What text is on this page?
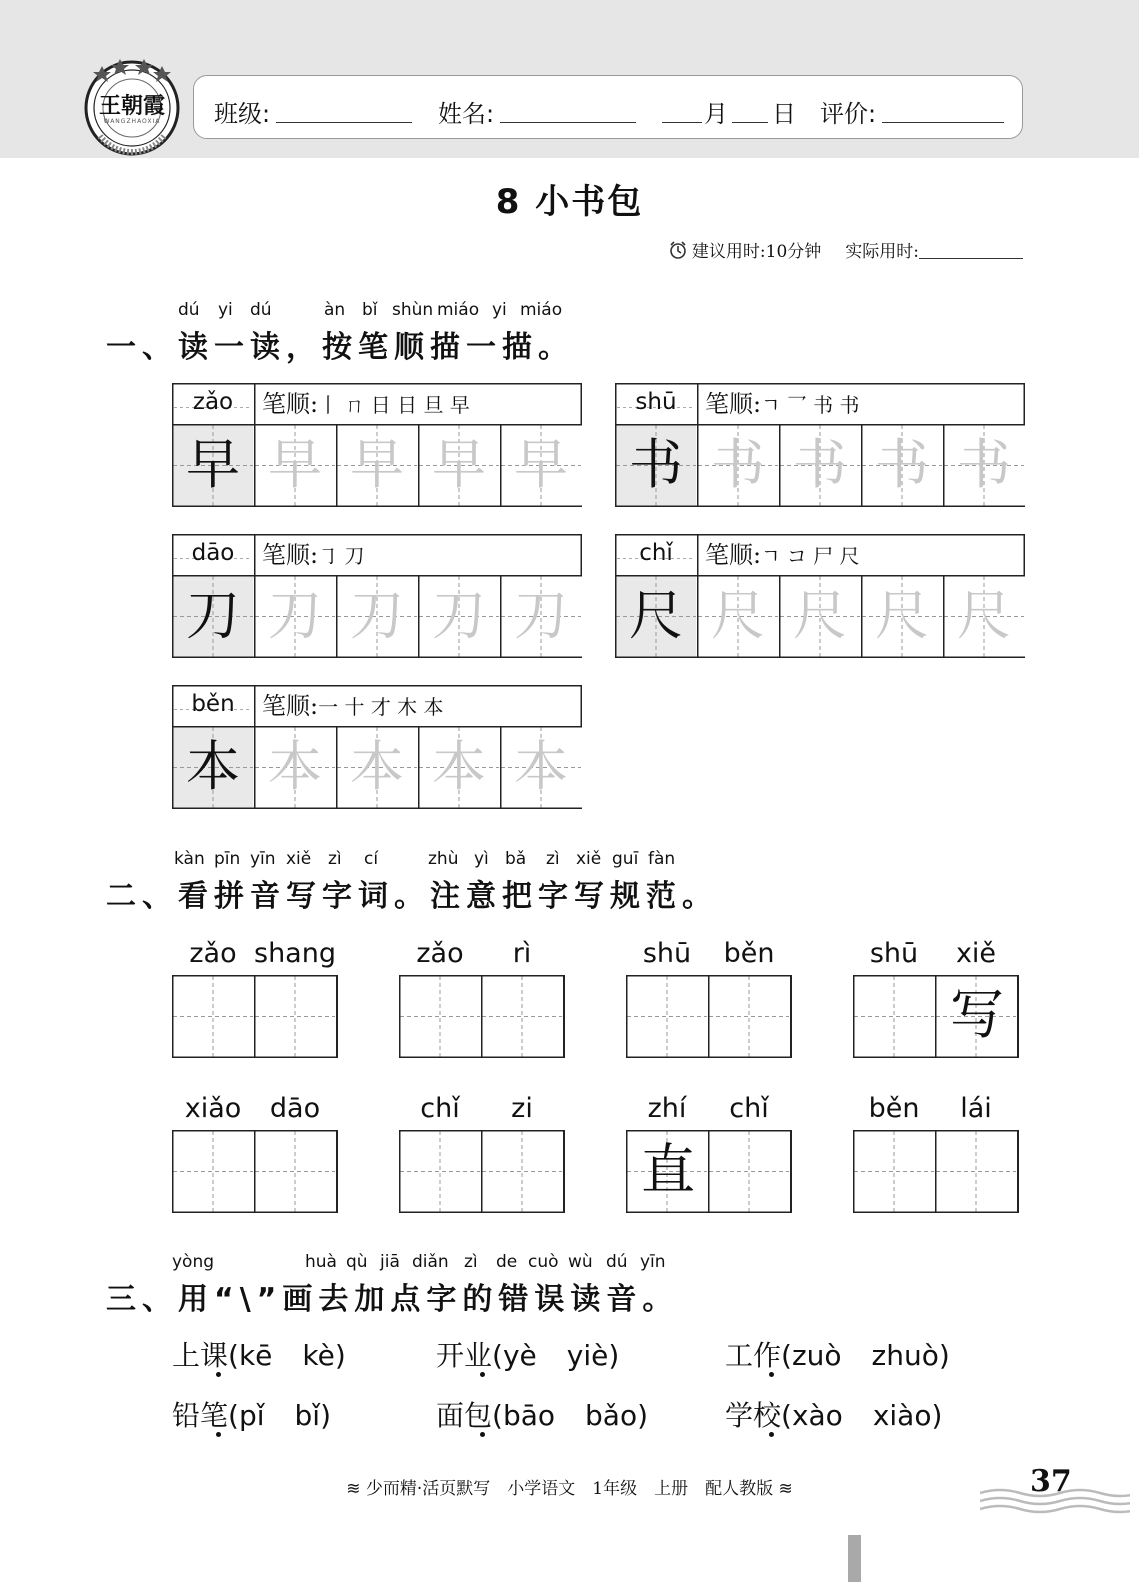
王朝霞
WANGZHAOXIA	班级:	姓名:	月 日 评价:
8 小书包
建议用时:10分钟 实际用时:
dú yi dú	àn bǐ shùn miáo yi miáo
一、读一读，按笔顺描一描。
zǎo	笔顺:丨 ㄇ 日 日 旦 早
早 早 早 早 早
shū	笔顺:ㄱ 乛 书 书
书 书 书 书 书
dāo	笔顺:㇆ 刀
刀 刀 刀 刀 刀
chǐ	笔顺:ㄱ コ 尸 尺
尺 尺 尺 尺 尺
běn	笔顺:一 十 才 木 本
本 本 本 本 本
kàn pīn yīn xiě zì cí	zhù yì bǎ zì xiě guī fàn
二、看拼音写字词。注意把字写规范。
zǎo shang	zǎo rì	shū běn	shū xiě
写
xiǎo dāo	chǐ zi	zhí chǐ
直
běn lái
yòng	huà qù jiā diǎn zì de cuò wù dú yīn
三、用“\”画去加点字的错误读音。
上课(kē kè)	开业(yè yiè)	工作(zuò zhuò)
铅笔(pǐ bǐ)	面包(bāo bǎo)	学校(xào xiào)
≋ 少而精·活页默写　小学语文　1年级　上册　配人教版 ≋	37
